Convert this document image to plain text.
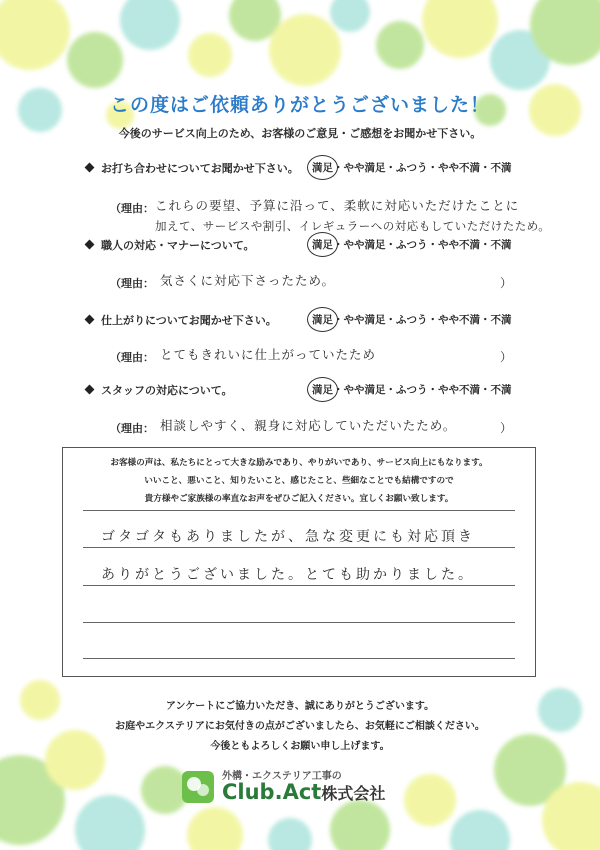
この度はご依頼ありがとうございました！
今後のサービス向上のため、お客様のご意見・ご感想をお聞かせ下さい。
お打ち合わせについてお聞かせ下さい。 満足・やや満足・ふつう・やや不満・不満
（理由： これらの要望、予算に沿って、柔軟に対応いただけたことに
加えて、サービスや割引、イレギュラーへの対応もしていただけたため。
職人の対応・マナーについて。	満足・やや満足・ふつう・やや不満・不満
（理由： 気さくに対応下さったため。	）
仕上がりについてお聞かせ下さい。	満足・やや満足・ふつう・やや不満・不満
（理由： とてもきれいに仕上がっていたため	）
スタッフの対応について。	満足・やや満足・ふつう・やや不満・不満
（理由： 相談しやすく、親身に対応していただいたため。	）
お客様の声は、私たちにとって大きな励みであり、やりがいであり、サービス向上にもなります。
いいこと、悪いこと、知りたいこと、感じたこと、些細なことでも結構ですので
貴方様やご家族様の率直なお声をぜひご記入ください。宜しくお願い致します。
ゴタゴタもありましたが、急な変更にも対応頂き
ありがとうございました。とても助かりました。
アンケートにご協力いただき、誠にありがとうございます。
お庭やエクステリアにお気付きの点がございましたら、お気軽にご相談ください。
今後ともよろしくお願い申し上げます。
外構・エクステリア工事の
Club.Act株式会社
